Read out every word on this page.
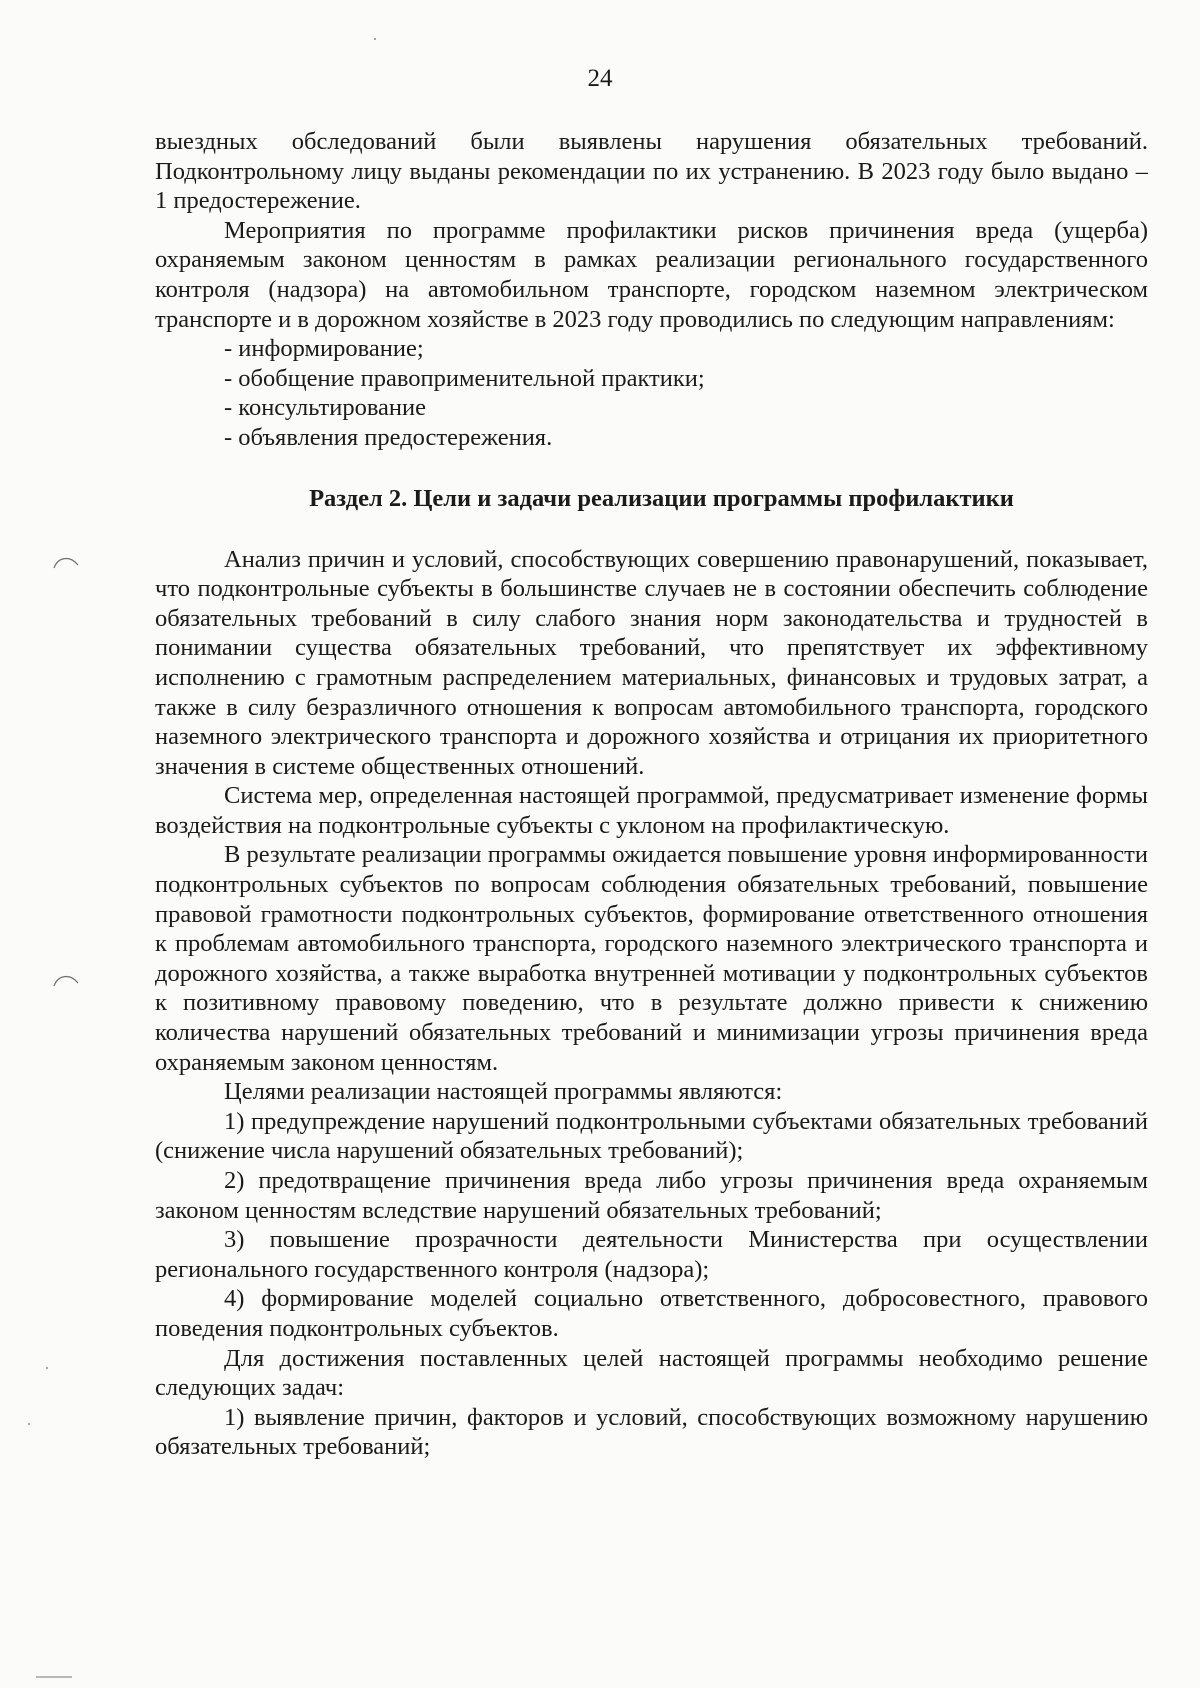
24

выездных обследований были выявлены нарушения обязательных требований. Подконтрольному лицу выданы рекомендации по их устранению. В 2023 году было выдано – 1 предостережение.

Мероприятия по программе профилактики рисков причинения вреда (ущерба) охраняемым законом ценностям в рамках реализации регионального государственного контроля (надзора) на автомобильном транспорте, городском наземном электрическом транспорте и в дорожном хозяйстве в 2023 году проводились по следующим направлениям:

- информирование;

- обобщение правоприменительной практики;

- консультирование

- объявления предостережения.

Раздел 2. Цели и задачи реализации программы профилактики

Анализ причин и условий, способствующих совершению правонарушений, показывает, что подконтрольные субъекты в большинстве случаев не в состоянии обеспечить соблюдение обязательных требований в силу слабого знания норм законодательства и трудностей в понимании существа обязательных требований, что препятствует их эффективному исполнению с грамотным распределением материальных, финансовых и трудовых затрат, а также в силу безразличного отношения к вопросам автомобильного транспорта, городского наземного электрического транспорта и дорожного хозяйства и отрицания их приоритетного значения в системе общественных отношений.

Система мер, определенная настоящей программой, предусматривает изменение формы воздействия на подконтрольные субъекты с уклоном на профилактическую.

В результате реализации программы ожидается повышение уровня информированности подконтрольных субъектов по вопросам соблюдения обязательных требований, повышение правовой грамотности подконтрольных субъектов, формирование ответственного отношения к проблемам автомобильного транспорта, городского наземного электрического транспорта и дорожного хозяйства, а также выработка внутренней мотивации у подконтрольных субъектов к позитивному правовому поведению, что в результате должно привести к снижению количества нарушений обязательных требований и минимизации угрозы причинения вреда охраняемым законом ценностям.

Целями реализации настоящей программы являются:

1) предупреждение нарушений подконтрольными субъектами обязательных требований (снижение числа нарушений обязательных требований);

2) предотвращение причинения вреда либо угрозы причинения вреда охраняемым законом ценностям вследствие нарушений обязательных требований;

3) повышение прозрачности деятельности Министерства при осуществлении регионального государственного контроля (надзора);

4) формирование моделей социально ответственного, добросовестного, правового поведения подконтрольных субъектов.

Для достижения поставленных целей настоящей программы необходимо решение следующих задач:

1) выявление причин, факторов и условий, способствующих возможному нарушению обязательных требований;
